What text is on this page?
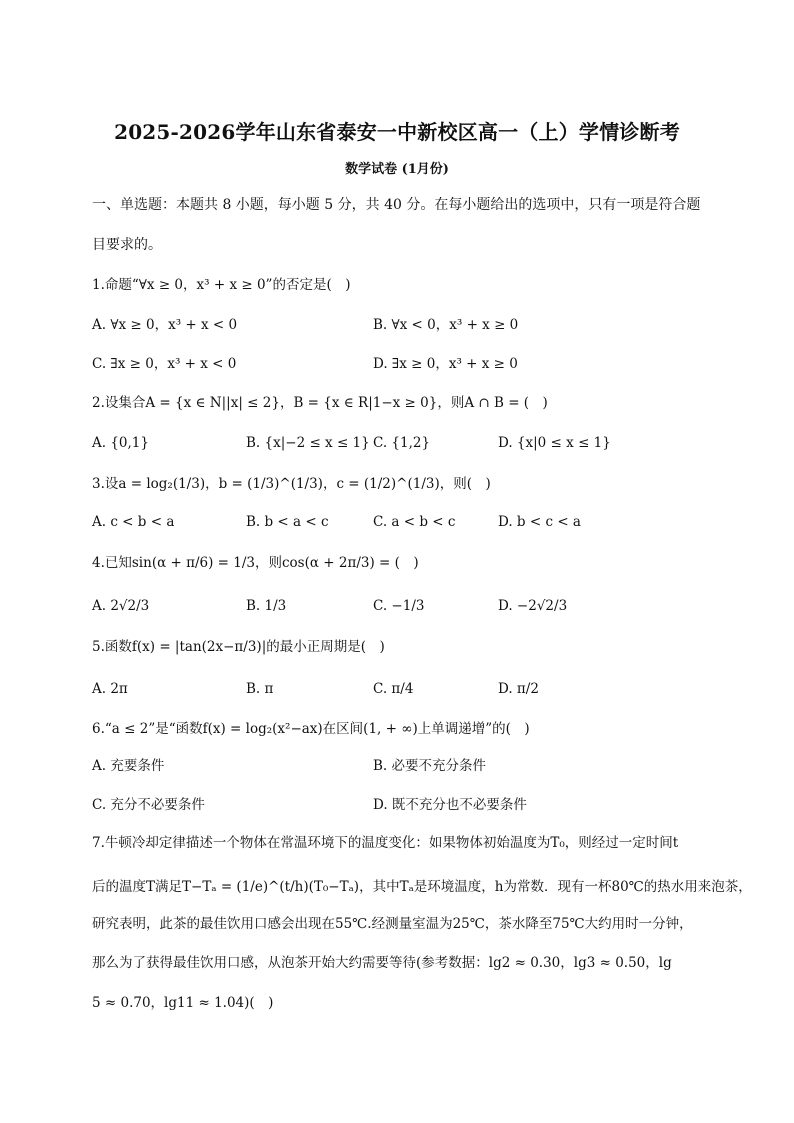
2025-2026学年山东省泰安一中新校区高一（上）学情诊断考
数学试卷 (1月份)
一、单选题：本题共 8 小题，每小题 5 分，共 40 分。在每小题给出的选项中，只有一项是符合题
目要求的。
1.命题“∀x ≥ 0，x³ + x ≥ 0”的否定是(　)
A. ∀x ≥ 0，x³ + x < 0	B. ∀x < 0，x³ + x ≥ 0
C. ∃x ≥ 0，x³ + x < 0	D. ∃x ≥ 0，x³ + x ≥ 0
2.设集合A = {x ∈ N||x| ≤ 2}，B = {x ∈ R|1−x ≥ 0}，则A ∩ B = (　)
A. {0,1}	B. {x|−2 ≤ x ≤ 1} C. {1,2}	D. {x|0 ≤ x ≤ 1}
3.设a = log₂(1/3)，b = (1/3)^(1/3)，c = (1/2)^(1/3)，则(　)
A. c < b < a	B. b < a < c	C. a < b < c	D. b < c < a
4.已知sin(α + π/6) = 1/3，则cos(α + 2π/3) = (　)
A. 2√2/3	B. 1/3	C. −1/3	D. −2√2/3
5.函数f(x) = |tan(2x−π/3)|的最小正周期是(　)
A. 2π	B. π	C. π/4	D. π/2
6.“a ≤ 2”是“函数f(x) = log₂(x²−ax)在区间(1, + ∞)上单调递增”的(　)
A. 充要条件	B. 必要不充分条件
C. 充分不必要条件	D. 既不充分也不必要条件
7.牛顿冷却定律描述一个物体在常温环境下的温度变化：如果物体初始温度为T₀，则经过一定时间t
后的温度T满足T−Tₐ = (1/e)^(t/h)(T₀−Tₐ)，其中Tₐ是环境温度，h为常数．现有一杯80℃的热水用来泡茶，
研究表明，此茶的最佳饮用口感会出现在55℃.经测量室温为25℃，茶水降至75℃大约用时一分钟，
那么为了获得最佳饮用口感，从泡茶开始大约需要等待(参考数据：lg2 ≈ 0.30，lg3 ≈ 0.50，lg
5 ≈ 0.70，lg11 ≈ 1.04)(　)
